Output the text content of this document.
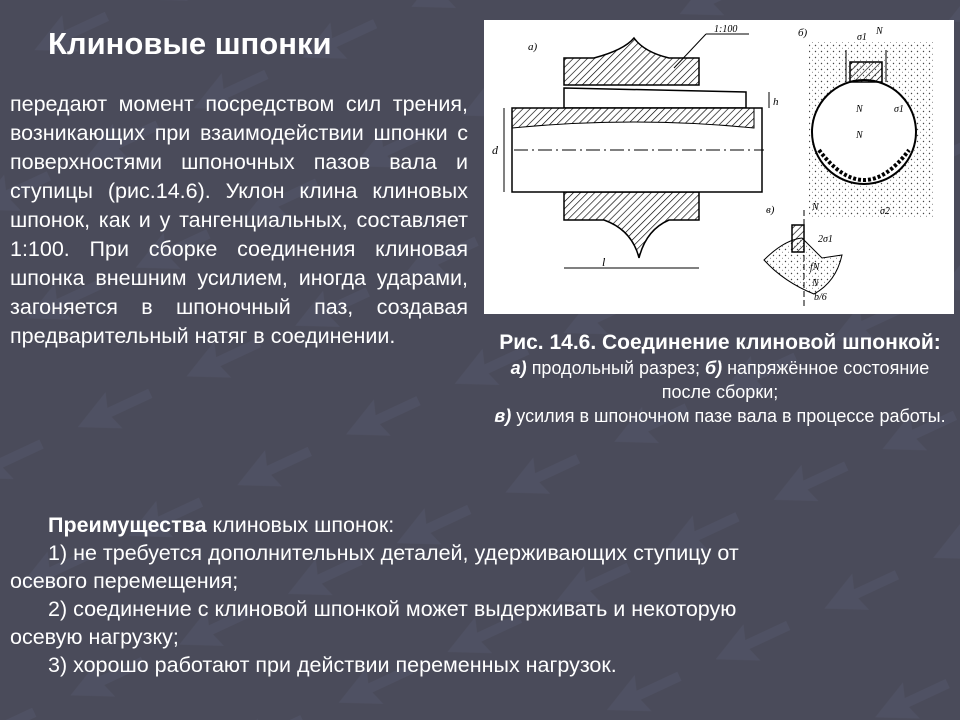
Клиновые шпонки
передают момент посредством сил трения, возникающих при взаимодействии шпонки с поверхностями шпоночных пазов вала и ступицы (рис.14.6). Уклон клина клиновых шпонок, как и у тангенциальных, составляет 1:100. При сборке соединения клиновая шпонка внешним усилием, иногда ударами, загоняется в шпоночный паз, создавая предварительный натяг в соединении.
а)
d
h
l
1:100	б)	σ1
N
N	σ1
N
σ2
в)	N
2σ1
fN
N
b/6
Рис. 14.6. Соединение клиновой шпонкой:
а) продольный разрез; б) напряжённое состояние после сборки;
в) усилия в шпоночном пазе вала в процессе работы.
Преимущества клиновых шпонок:
1) не требуется дополнительных деталей, удерживающих ступицу от
осевого перемещения;
2) соединение с клиновой шпонкой может выдерживать и некоторую
осевую нагрузку;
3) хорошо работают при действии переменных нагрузок.
